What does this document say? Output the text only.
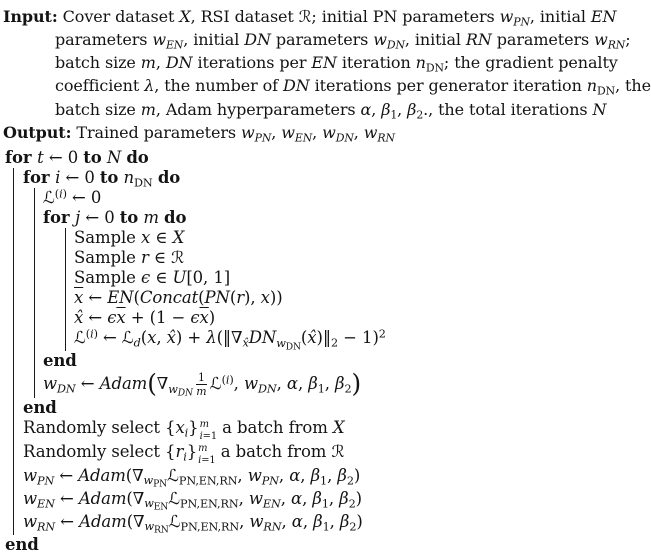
Input: Cover dataset X, RSI dataset ℛ; initial PN parameters $w_{PN}$, initial EN
parameters $w_{EN}$, initial DN parameters $w_{DN}$, initial RN parameters $w_{RN}$;
batch size m, DN iterations per EN iteration $n_{DN}$; the gradient penalty
coefficient λ, the number of DN iterations per generator iteration $n_{DN}$, the
batch size m, Adam hyperparameters α, $\beta_1$, $\beta_2$., the total iterations N
Output: Trained parameters $w_{PN}$, $w_{EN}$, $w_{DN}$, $w_{RN}$
for t ← 0 to N do
for i ← 0 to $n_{DN}$ do
ℒ$^{(i)}$ ← 0
for j ← 0 to m do
Sample x ∈ X
Sample r ∈ ℛ
Sample ϵ ∈ U[0, 1]
$\overline{x}$ ← EN(Concat(PN(r), x))
x̂ ← $\epsilon\overline{x} + (1 - \epsilon\overline{x})$
ℒ$^{(i)}$ ← ℒ$_d$(x, x̂) + $\lambda(‖\nabla_{x̂}DN_{w_{DN}}(x̂)‖_2 - 1)^2$
end
$w_{DN}$ ← $Adam(\nabla_{w_{DN}} \frac{1}{m}$ ℒ$^{(i)}$, $w_{DN}$, α, $\beta_1$, $\beta_2$)
end
Randomly select $\{x_i\}$ m
i=1 a batch from X
Randomly select $\{r_i\}$ m
i=1 a batch from ℛ
$w_{PN}$ ← $Adam(\nabla_{w_{PN}}ℒ_{PN,EN,RN}$, $w_{PN}$, α, $\beta_1$, $\beta_2$)
$w_{EN}$ ← $Adam(\nabla_{w_{EN}}ℒ_{PN,EN,RN}$, $w_{EN}$, α, $\beta_1$, $\beta_2$)
$w_{RN}$ ← $Adam(\nabla_{w_{RN}}ℒ_{PN,EN,RN}$, $w_{RN}$, α, $\beta_1$, $\beta_2$)
end
